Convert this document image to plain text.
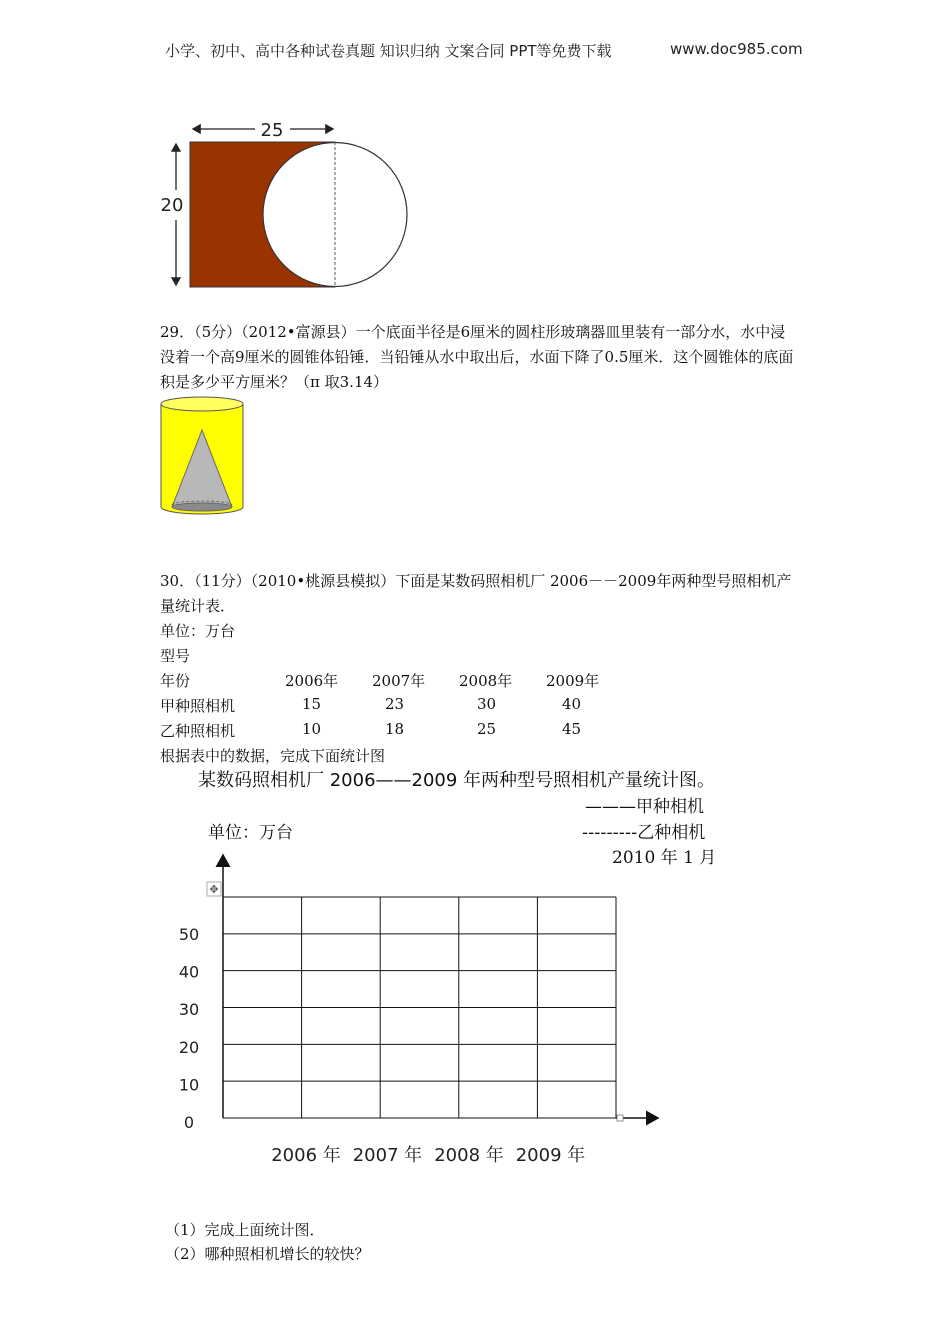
小学、初中、高中各种试卷真题 知识归纳 文案合同 PPT等免费下载	www.doc985.com
25
20
29．（5分）（2012•富源县）一个底面半径是6厘米的圆柱形玻璃器皿里装有一部分水，水中浸没着一个高9厘米的圆锥体铅锤．当铅锤从水中取出后，水面下降了0.5厘米．这个圆锥体的底面积是多少平方厘米？（π 取3.14）
30．（11分）（2010•桃源县模拟）下面是某数码照相机厂 2006－－2009年两种型号照相机产量统计表．
单位：万台
型号
年份	2006年 2007年 2008年 2009年
甲种照相机	15	23	30	40
乙种照相机	10	18	25	45
根据表中的数据，完成下面统计图
某数码照相机厂 2006——2009 年两种型号照相机产量统计图。
———甲种相机
单位：万台	---------乙种相机
2010 年 1 月
✥
0
10
20
30
40
50
2006 年 2007 年 2008 年 2009 年
（1）完成上面统计图．
（2）哪种照相机增长的较快？
